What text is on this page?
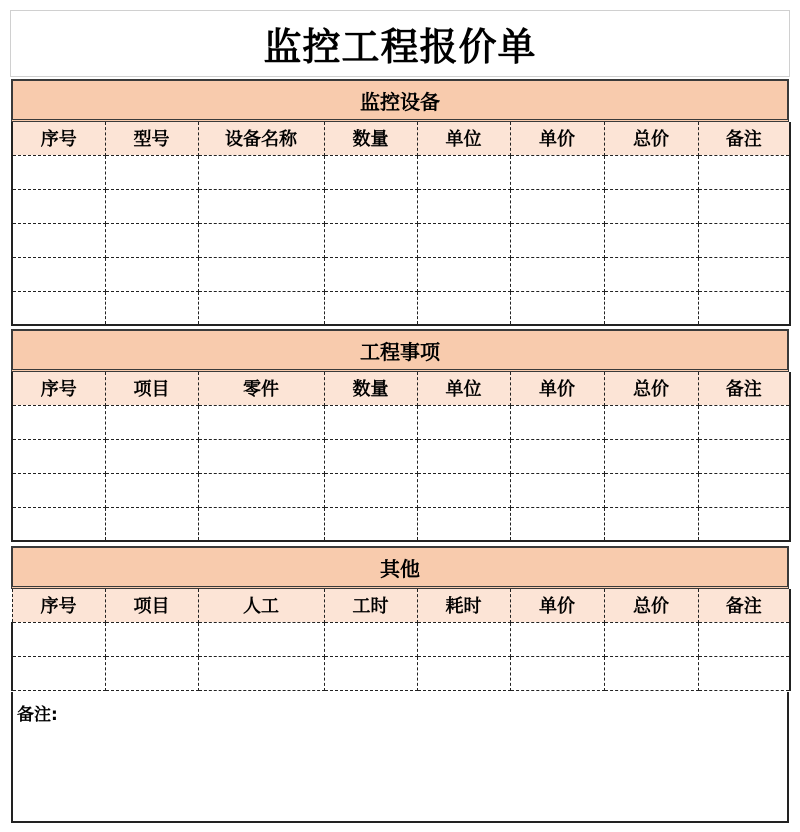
监控工程报价单
监控设备
序号	型号	设备名称	数量	单位	单价	总价	备注

工程事项
序号	项目	零件	数量	单位	单价	总价	备注

其他
序号	项目	人工	工时	耗时	单价	总价	备注

备注:
